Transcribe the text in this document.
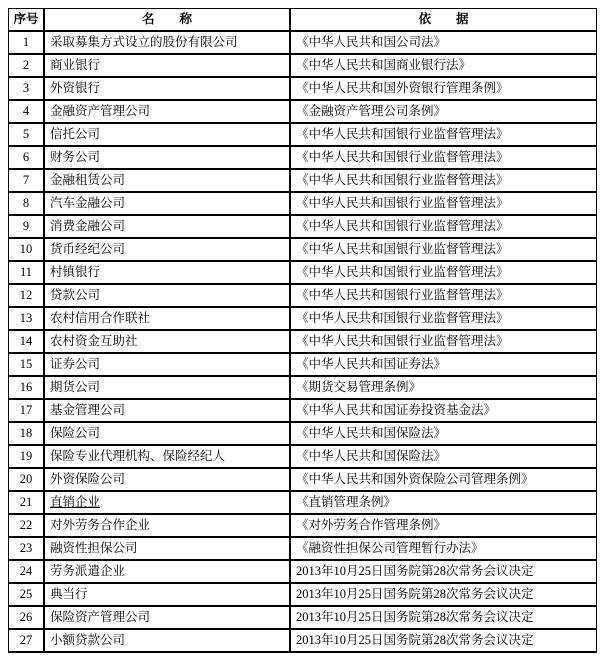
序号	名　　称	依　　据
1	采取募集方式设立的股份有限公司	《中华人民共和国公司法》
2	商业银行	《中华人民共和国商业银行法》
3	外资银行	《中华人民共和国外资银行管理条例》
4	金融资产管理公司	《金融资产管理公司条例》
5	信托公司	《中华人民共和国银行业监督管理法》
6	财务公司	《中华人民共和国银行业监督管理法》
7	金融租赁公司	《中华人民共和国银行业监督管理法》
8	汽车金融公司	《中华人民共和国银行业监督管理法》
9	消费金融公司	《中华人民共和国银行业监督管理法》
10	货币经纪公司	《中华人民共和国银行业监督管理法》
11	村镇银行	《中华人民共和国银行业监督管理法》
12	贷款公司	《中华人民共和国银行业监督管理法》
13	农村信用合作联社	《中华人民共和国银行业监督管理法》
14	农村资金互助社	《中华人民共和国银行业监督管理法》
15	证券公司	《中华人民共和国证券法》
16	期货公司	《期货交易管理条例》
17	基金管理公司	《中华人民共和国证券投资基金法》
18	保险公司	《中华人民共和国保险法》
19	保险专业代理机构、保险经纪人	《中华人民共和国保险法》
20	外资保险公司	《中华人民共和国外资保险公司管理条例》
21	直销企业	《直销管理条例》
22	对外劳务合作企业	《对外劳务合作管理条例》
23	融资性担保公司	《融资性担保公司管理暂行办法》
24	劳务派遣企业	2013年10月25日国务院第28次常务会议决定
25	典当行	2013年10月25日国务院第28次常务会议决定
26	保险资产管理公司	2013年10月25日国务院第28次常务会议决定
27	小额贷款公司	2013年10月25日国务院第28次常务会议决定
